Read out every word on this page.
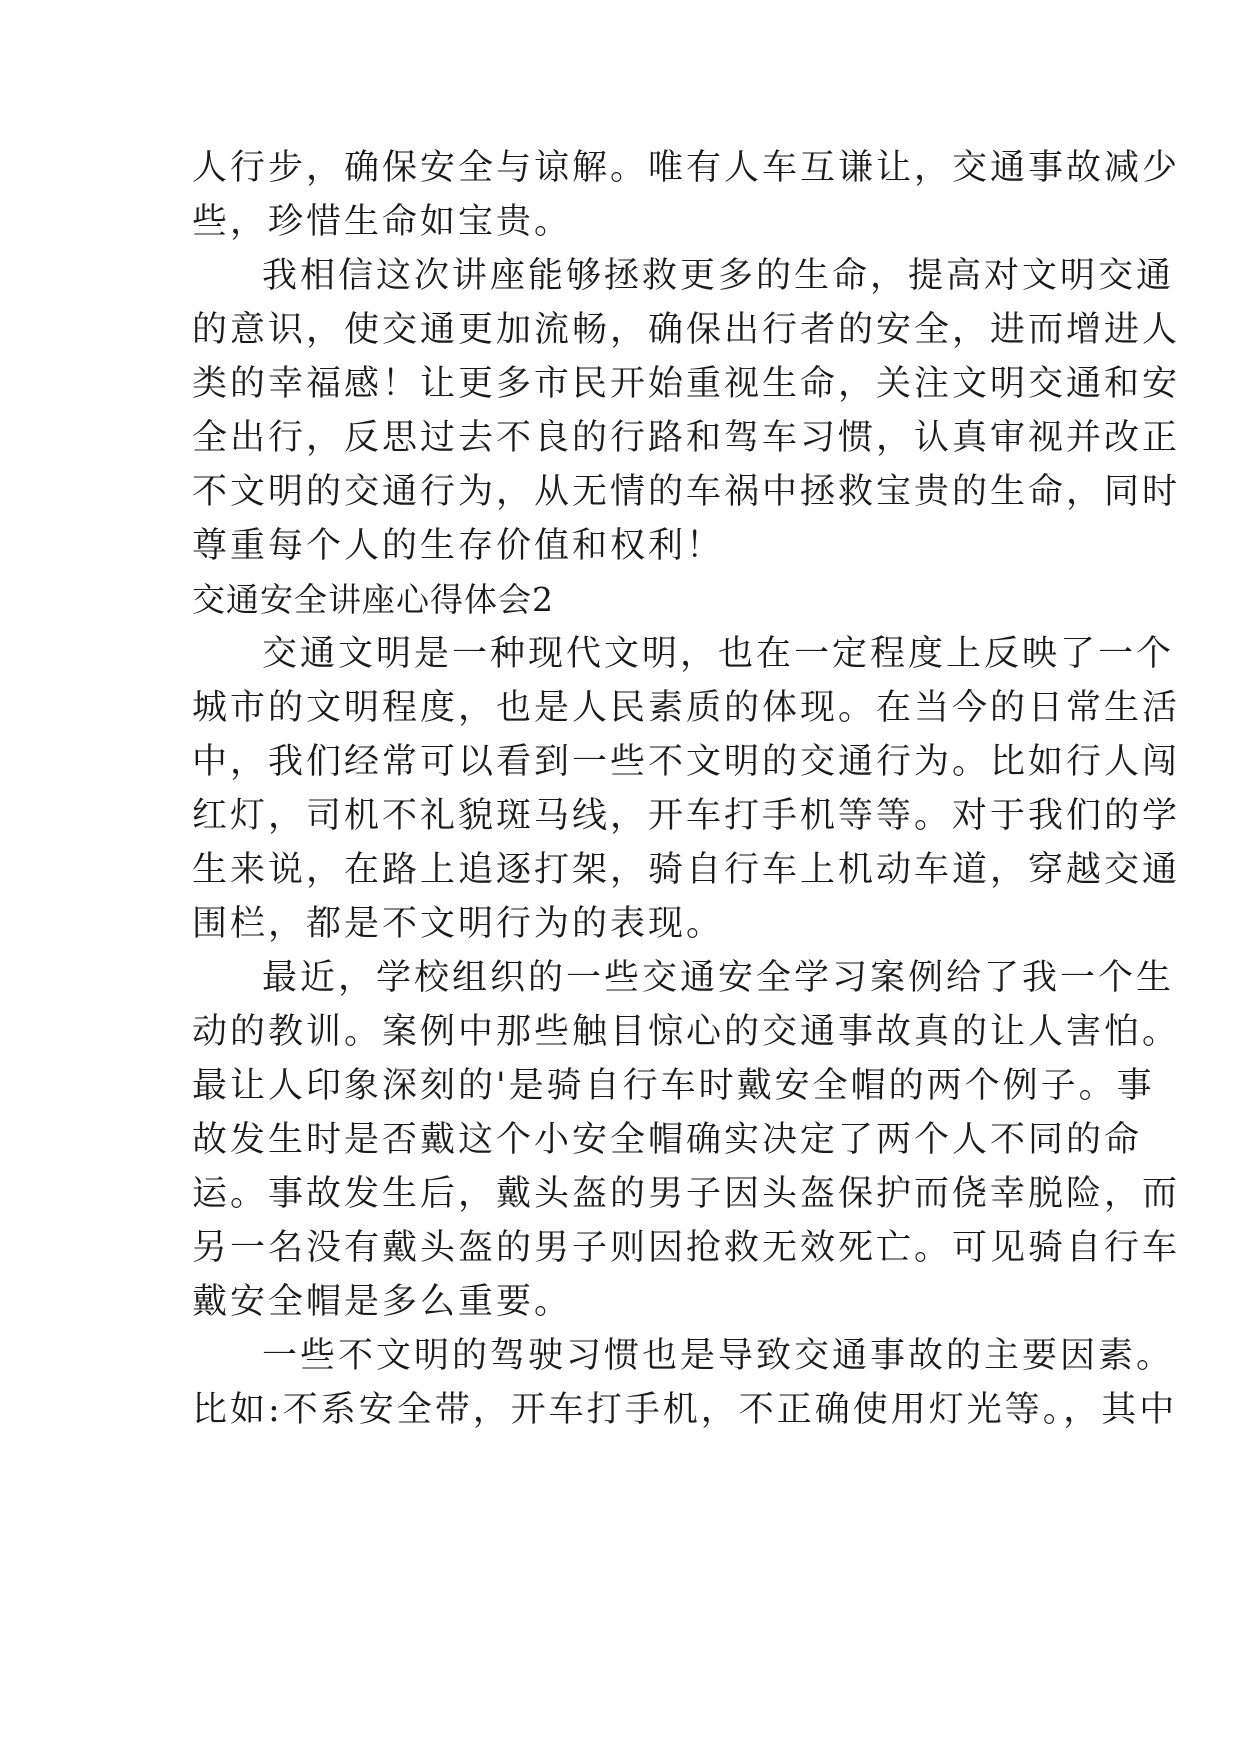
人行步，确保安全与谅解。唯有人车互谦让，交通事故减少

些，珍惜生命如宝贵。

我相信这次讲座能够拯救更多的生命，提高对文明交通

的意识，使交通更加流畅，确保出行者的安全，进而增进人

类的幸福感！让更多市民开始重视生命，关注文明交通和安

全出行，反思过去不良的行路和驾车习惯，认真审视并改正

不文明的交通行为，从无情的车祸中拯救宝贵的生命，同时

尊重每个人的生存价值和权利！

交通安全讲座心得体会2

交通文明是一种现代文明，也在一定程度上反映了一个

城市的文明程度，也是人民素质的体现。在当今的日常生活

中，我们经常可以看到一些不文明的交通行为。比如行人闯

红灯，司机不礼貌斑马线，开车打手机等等。对于我们的学

生来说，在路上追逐打架，骑自行车上机动车道，穿越交通

围栏，都是不文明行为的表现。

最近，学校组织的一些交通安全学习案例给了我一个生

动的教训。案例中那些触目惊心的交通事故真的让人害怕。

最让人印象深刻的'是骑自行车时戴安全帽的两个例子。事

故发生时是否戴这个小安全帽确实决定了两个人不同的命

运。事故发生后，戴头盔的男子因头盔保护而侥幸脱险，而

另一名没有戴头盔的男子则因抢救无效死亡。可见骑自行车

戴安全帽是多么重要。

一些不文明的驾驶习惯也是导致交通事故的主要因素。

比如:不系安全带，开车打手机，不正确使用灯光等。，其中
